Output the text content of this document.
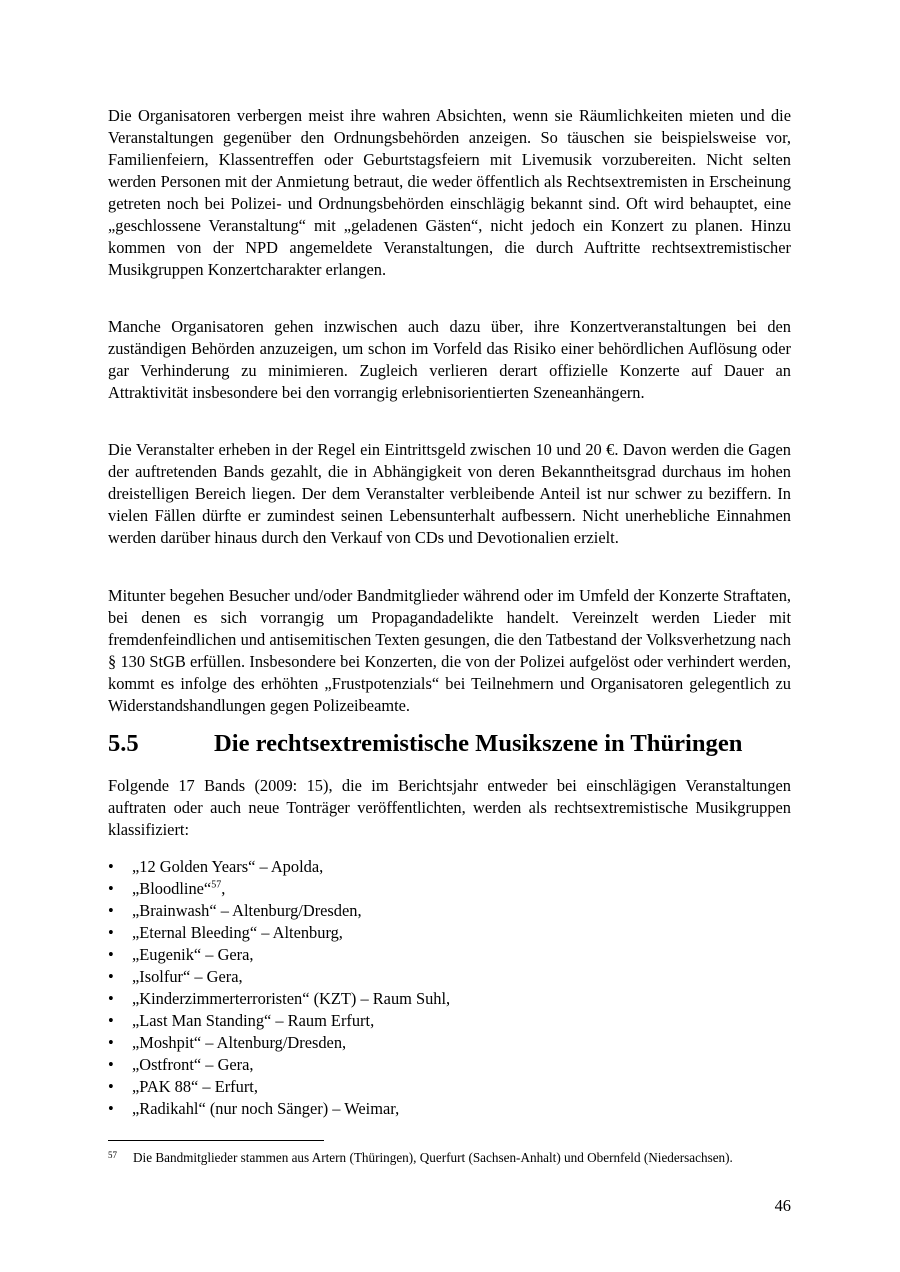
Die Organisatoren verbergen meist ihre wahren Absichten, wenn sie Räumlichkeiten mieten und die Veranstaltungen gegenüber den Ordnungsbehörden anzeigen. So täuschen sie beispielsweise vor, Familienfeiern, Klassentreffen oder Geburtstagsfeiern mit Livemusik vorzubereiten. Nicht selten werden Personen mit der Anmietung betraut, die weder öffentlich als Rechtsextremisten in Erscheinung getreten noch bei Polizei- und Ordnungsbehörden einschlägig bekannt sind. Oft wird behauptet, eine „geschlossene Veranstaltung“ mit „geladenen Gästen“, nicht jedoch ein Konzert zu planen. Hinzu kommen von der NPD angemeldete Veranstaltungen, die durch Auftritte rechtsextremistischer Musikgruppen Konzertcharakter erlangen.

Manche Organisatoren gehen inzwischen auch dazu über, ihre Konzertveranstaltungen bei den zuständigen Behörden anzuzeigen, um schon im Vorfeld das Risiko einer behördlichen Auflösung oder gar Verhinderung zu minimieren. Zugleich verlieren derart offizielle Konzerte auf Dauer an Attraktivität insbesondere bei den vorrangig erlebnisorientierten Szeneanhängern.

Die Veranstalter erheben in der Regel ein Eintrittsgeld zwischen 10 und 20 €. Davon werden die Gagen der auftretenden Bands gezahlt, die in Abhängigkeit von deren Bekanntheitsgrad durchaus im hohen dreistelligen Bereich liegen. Der dem Veranstalter verbleibende Anteil ist nur schwer zu beziffern. In vielen Fällen dürfte er zumindest seinen Lebensunterhalt aufbessern. Nicht unerhebliche Einnahmen werden darüber hinaus durch den Verkauf von CDs und Devotionalien erzielt.

Mitunter begehen Besucher und/oder Bandmitglieder während oder im Umfeld der Konzerte Straftaten, bei denen es sich vorrangig um Propagandadelikte handelt. Vereinzelt werden Lieder mit fremdenfeindlichen und antisemitischen Texten gesungen, die den Tatbestand der Volksverhetzung nach § 130 StGB erfüllen. Insbesondere bei Konzerten, die von der Polizei aufgelöst oder verhindert werden, kommt es infolge des erhöhten „Frustpotenzials“ bei Teilnehmern und Organisatoren gelegentlich zu Widerstandshandlungen gegen Polizeibeamte.

5.5	Die rechtsextremistische Musikszene in Thüringen

Folgende 17 Bands (2009: 15), die im Berichtsjahr entweder bei einschlägigen Veranstaltungen auftraten oder auch neue Tonträger veröffentlichten, werden als rechtsextremistische Musikgruppen klassifiziert:

• „12 Golden Years“ – Apolda,
• „Bloodline“$^{57}$,
• „Brainwash“ – Altenburg/Dresden,
• „Eternal Bleeding“ – Altenburg,
• „Eugenik“ – Gera,
• „Isolfur“ – Gera,
• „Kinderzimmerterroristen“ (KZT) – Raum Suhl,
• „Last Man Standing“ – Raum Erfurt,
• „Moshpit“ – Altenburg/Dresden,
• „Ostfront“ – Gera,
• „PAK 88“ – Erfurt,
• „Radikahl“ (nur noch Sänger) – Weimar,
57 Die Bandmitglieder stammen aus Artern (Thüringen), Querfurt (Sachsen-Anhalt) und Obernfeld (Niedersachsen).
46
